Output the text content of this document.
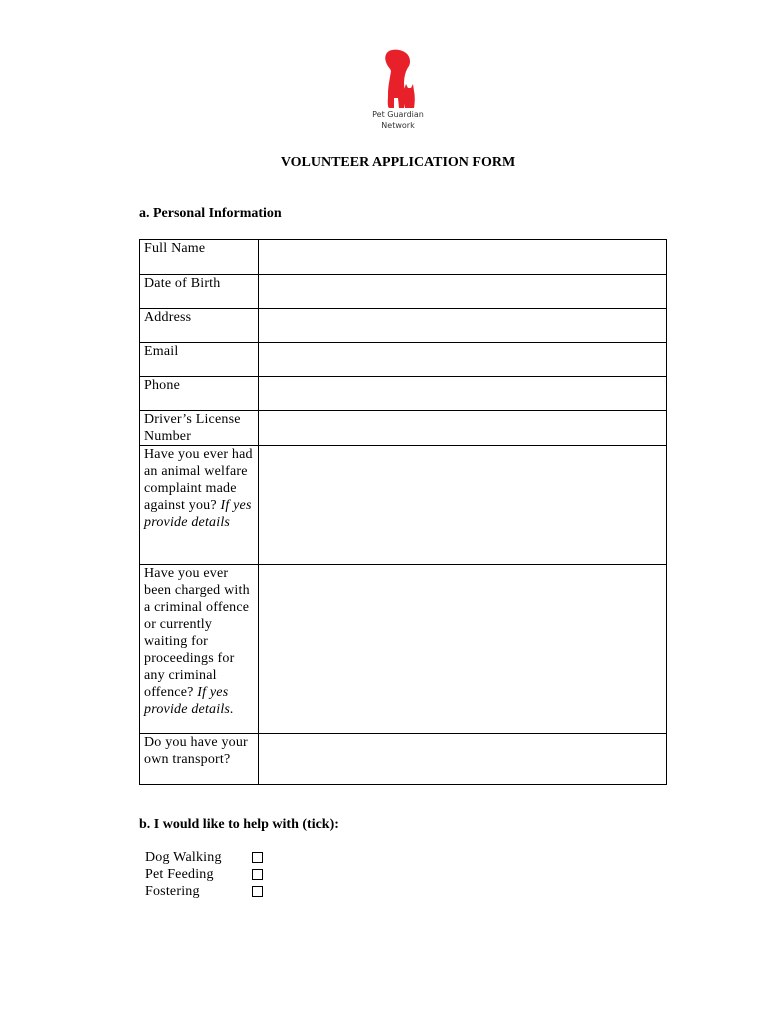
Pet Guardian
Network
VOLUNTEER APPLICATION FORM
a. Personal Information
Full Name	
Date of Birth	
Address	
Email	
Phone	
Driver’s License Number	
Have you ever had an animal welfare complaint made against you? If yes provide details	
Have you ever been charged with a criminal offence or currently waiting for proceedings for any criminal offence? If yes provide details.	
Do you have your own transport?	
b. I would like to help with (tick):
Dog Walking
Pet Feeding
Fostering
